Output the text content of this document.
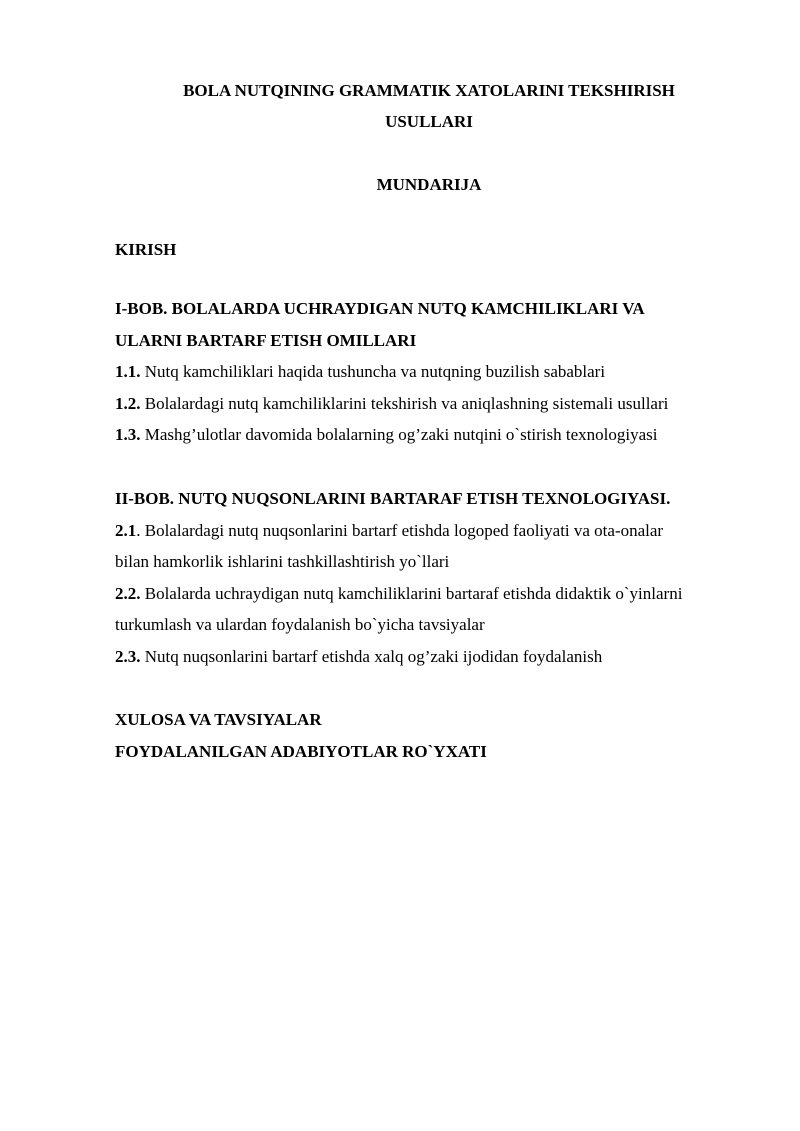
BOLA NUTQINING GRAMMATIK XATOLARINI TEKSHIRISH
USULLARI
MUNDARIJA
KIRISH
I-BOB. BOLALARDA UCHRAYDIGAN NUTQ KAMCHILIKLARI VA
ULARNI BARTARF ETISH OMILLARI
1.1. Nutq kamchiliklari haqida tushuncha va nutqning buzilish sabablari
1.2. Bolalardagi nutq kamchiliklarini tekshirish va aniqlashning sistemali usullari
1.3. Mashg’ulotlar davomida bolalarning og’zaki nutqini o`stirish texnologiyasi
II-BOB. NUTQ NUQSONLARINI BARTARAF ETISH TEXNOLOGIYASI.
2.1. Bolalardagi nutq nuqsonlarini bartarf etishda logoped faoliyati va ota-onalar
bilan hamkorlik ishlarini tashkillashtirish yo`llari
2.2. Bolalarda uchraydigan nutq kamchiliklarini bartaraf etishda didaktik o`yinlarni
turkumlash va ulardan foydalanish bo`yicha tavsiyalar
2.3. Nutq nuqsonlarini bartarf etishda xalq og’zaki ijodidan foydalanish
XULOSA VA TAVSIYALAR
FOYDALANILGAN ADABIYOTLAR RO`YXATI
